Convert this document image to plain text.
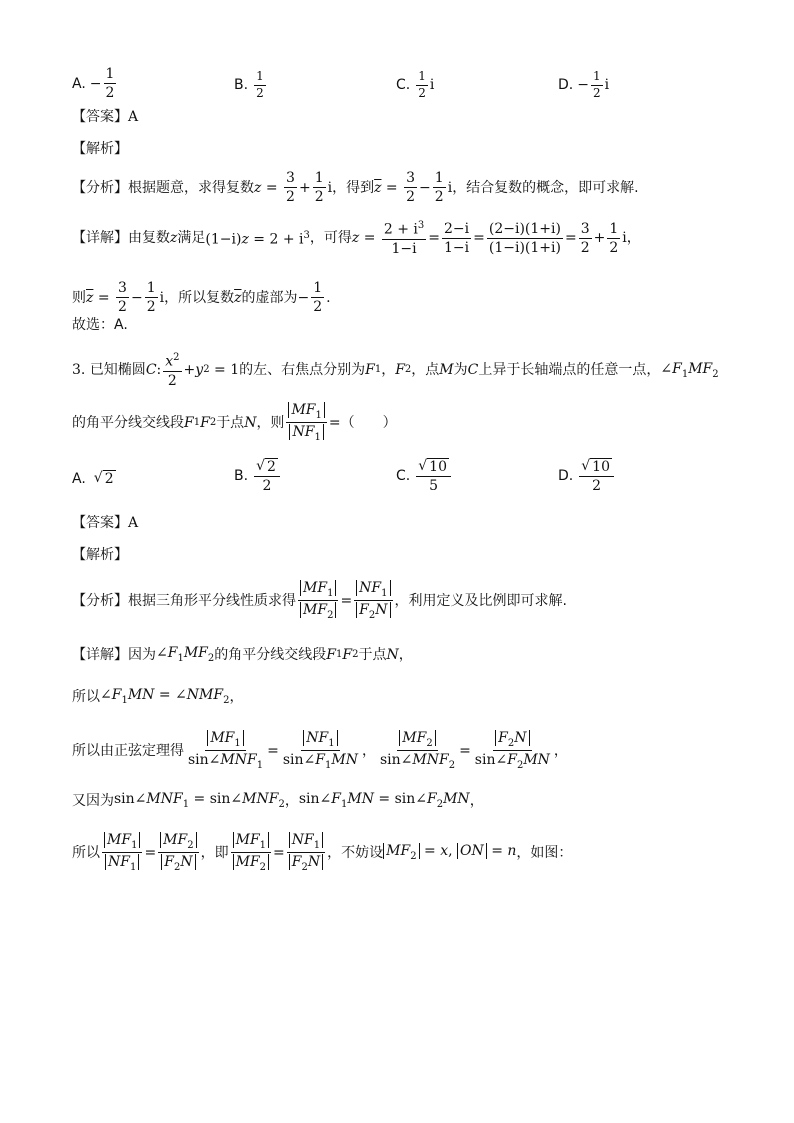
A. − $\frac{1}{2}$	B. $\frac{1}{2}$	C. $\frac{1}{2}$ i	D. − $\frac{1}{2}$ i
【答案】 A
【解析】
【分析】 根据题意，求得复数 $z = \frac{3}{2} + \frac{1}{2}$ i ，得到 $\overline{z} = \frac{3}{2} - \frac{1}{2}$ i ，结合复数的概念，即可求解.
【详解】 由复数 z 满足 $(1-i)z = 2 + i^3$ ，可得 $z = \frac{2 + i^3}{1-i} = \frac{2-i}{1-i} = \frac{(2-i)(1+i)}{(1-i)(1+i)} = \frac{3}{2} + \frac{1}{2}$ i ，
则 $\overline{z} = \frac{3}{2} - \frac{1}{2}$ i ，所以复数 $\overline{z}$ 的虚部为 − $\frac{1}{2}$ .
故选：A.
3.
已知椭圆 C : $\frac{x^2}{2} + y$ 2 = 1 的左、右焦点分别为 F 1 ， F 2 ，点 M 为 C 上异于长轴端点的任意一点， $\angle F_1MF_2$
的角平分线交线段 F 1 F 2 于点 N ，则 $\frac{MF_1}{NF_1}$ = （　　）
A. √ 2	B. $\frac{√ 2}{2}$	C. $\frac{√ 10}{5}$	D. $\frac{√ 10}{2}$
【答案】 A
【解析】
【分析】 根据三角形平分线性质求得 $\frac{MF_1}{MF_2} = \frac{NF_1}{F_2N}$ ，利用定义及比例即可求解.
【详解】 因为 $\angle F_1MF_2$ 的角平分线交线段 F 1 F 2 于点 N ，
所以 $\angle F_1MN$ = $\angle NMF_2$ ，
所以由正弦定理得 $\frac{MF_1}{\sin\angle MNF_1} = \frac{NF_1}{\sin\angle F_1MN}$ ， $\frac{MF_2}{\sin\angle MNF_2} = \frac{F_2N}{\sin\angle F_2MN}$ ，
又因为 $\sin\angle MNF_1$ = $\sin\angle MNF_2$ ， $\sin\angle F_1MN$ = $\sin\angle F_2MN$ ，
所以 $\frac{MF_1}{NF_1} = \frac{MF_2}{F_2N}$ ，即 $\frac{MF_1}{MF_2} = \frac{NF_1}{F_2N}$ ，不妨设 $MF_2 = x$, ON = n ，如图：
